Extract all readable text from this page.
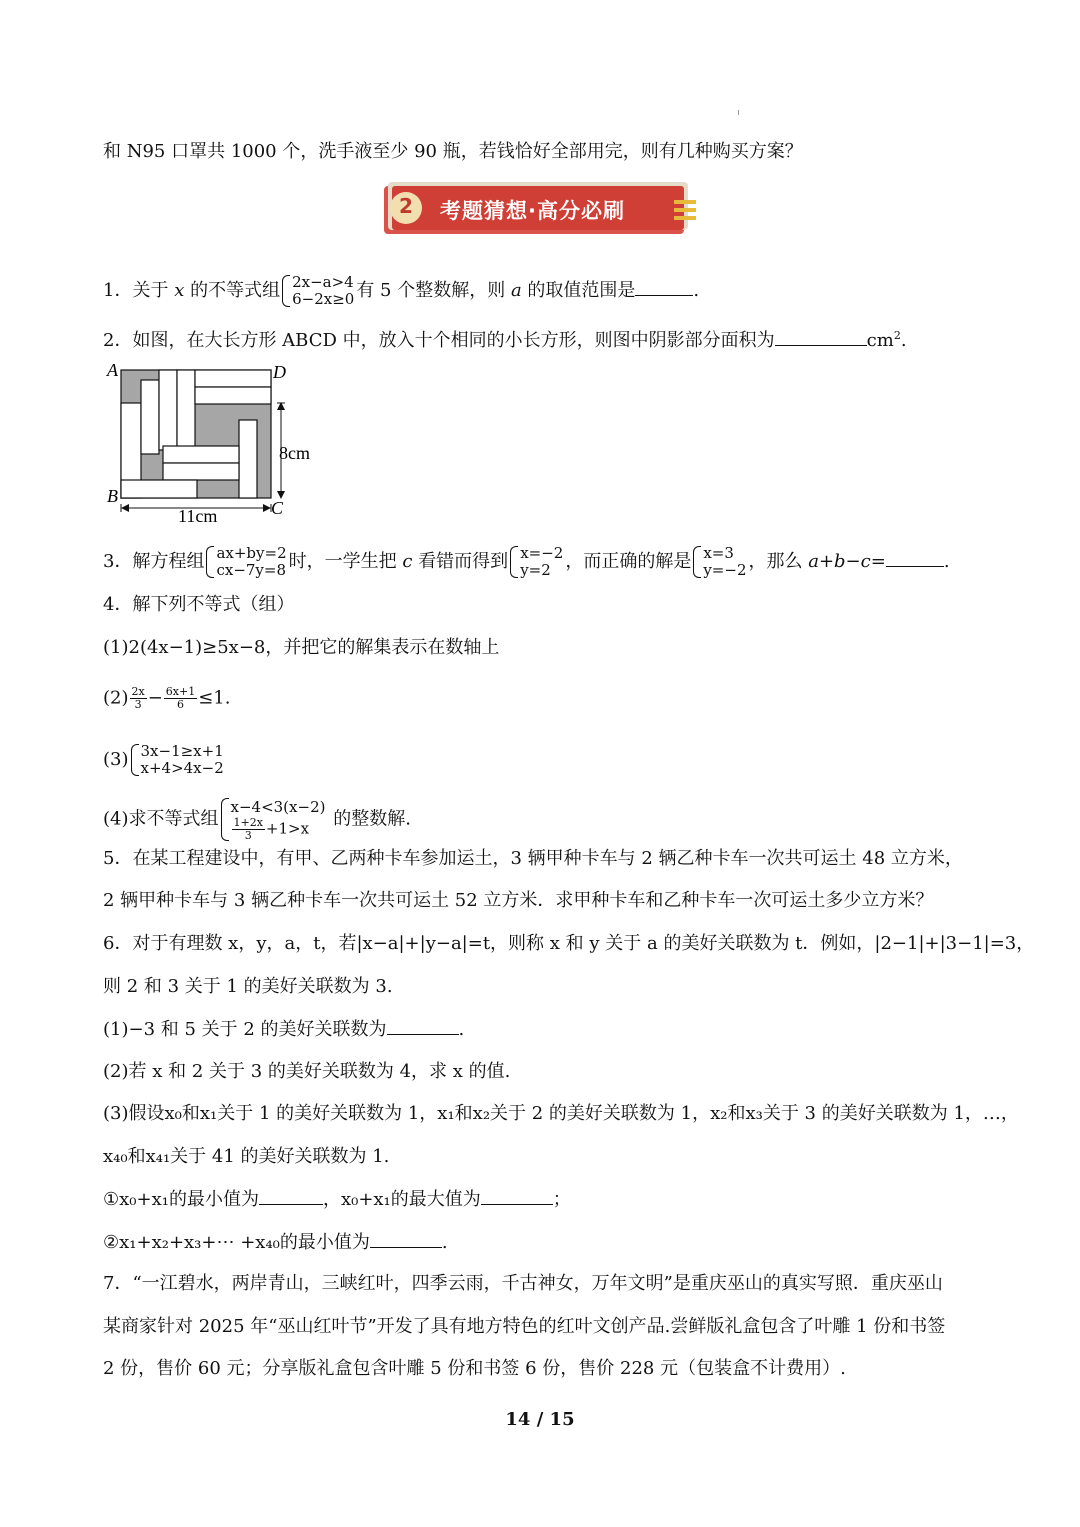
和 N95 口罩共 1000 个，洗手液至少 90 瓶，若钱恰好全部用完，则有几种购买方案？
2 考题猜想·高分必刷
1．关于 x 的不等式组 2x−a>4
6−2x≥0 有 5 个整数解，则 a 的取值范围是	.
2．如图，在大长方形 ABCD 中，放入十个相同的小长方形，则图中阴影部分面积为	$cm^2$.
A	D
B
C
8cm
11cm
3．解方程组 ax+by=2
cx−7y=8 时，一学生把 c 看错而得到 x=−2
y=2 ，而正确的解是 x=3
y=−2 ，那么 a+b−c=	.
4．解下列不等式（组）
(1)2(4x−1)≥5x−8，并把它的解集表示在数轴上
$(2) \frac{2x}{3} - \frac{6x+1}{6} \le 1$.
(3) 3x−1≥x+1
x+4>4x−2
(4)求不等式组
x−4<3(x−2)
$\frac{1+2x}{3} +1>x$	的整数解.
5．在某工程建设中，有甲、乙两种卡车参加运土，3 辆甲种卡车与 2 辆乙种卡车一次共可运土 48 立方米，
2 辆甲种卡车与 3 辆乙种卡车一次共可运土 52 立方米．求甲种卡车和乙种卡车一次可运土多少立方米？
6．对于有理数 x，y，a，t，若|x−a|+|y−a|=t，则称 x 和 y 关于 a 的美好关联数为 t．例如，|2−1|+|3−1|=3，
则 2 和 3 关于 1 的美好关联数为 3.
(1)−3 和 5 关于 2 的美好关联数为	.
(2)若 x 和 2 关于 3 的美好关联数为 4，求 x 的值.
(3)假设x₀和x₁关于 1 的美好关联数为 1，x₁和x₂关于 2 的美好关联数为 1，x₂和x₃关于 3 的美好关联数为 1，…，
x₄₀和x₄₁关于 41 的美好关联数为 1.
①x₀+x₁的最小值为	，x₀+x₁的最大值为	；
②x₁+x₂+x₃+⋯ +x₄₀的最小值为	.
7．“一江碧水，两岸青山，三峡红叶，四季云雨，千古神女，万年文明”是重庆巫山的真实写照．重庆巫山
某商家针对 2025 年“巫山红叶节”开发了具有地方特色的红叶文创产品.尝鲜版礼盒包含了叶雕 1 份和书签
2 份，售价 60 元；分享版礼盒包含叶雕 5 份和书签 6 份，售价 228 元（包装盒不计费用）.
14 / 15
